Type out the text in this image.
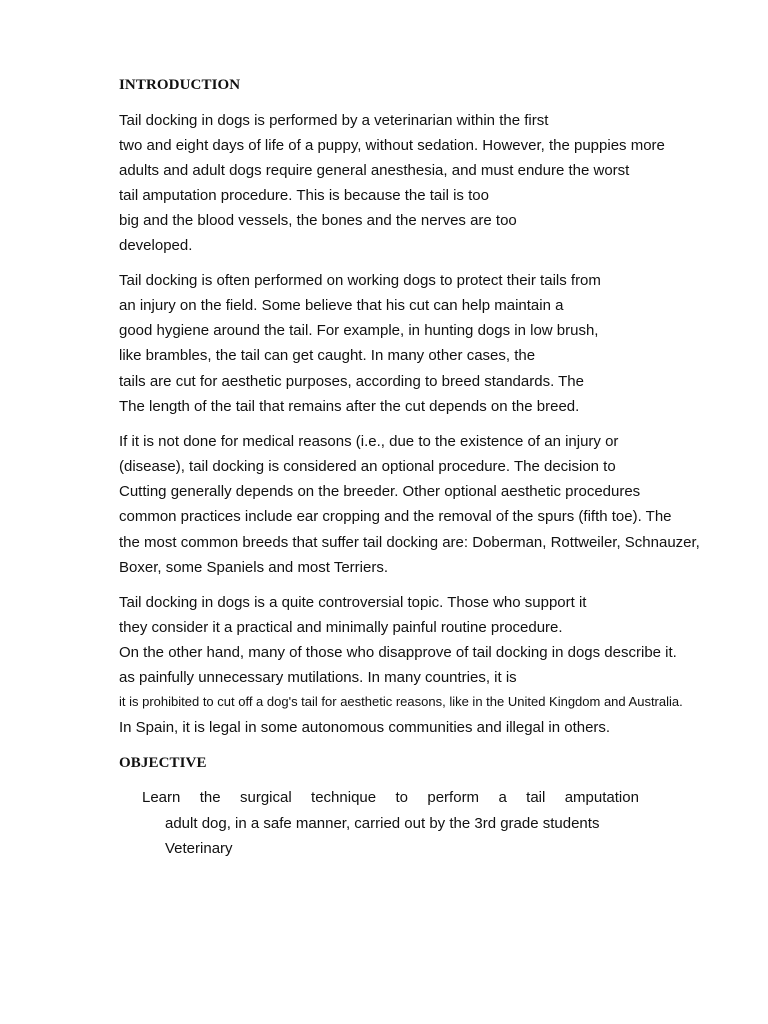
INTRODUCTION
Tail docking in dogs is performed by a veterinarian within the first
two and eight days of life of a puppy, without sedation. However, the puppies more
adults and adult dogs require general anesthesia, and must endure the worst
tail amputation procedure. This is because the tail is too
big and the blood vessels, the bones and the nerves are too
developed.
Tail docking is often performed on working dogs to protect their tails from
an injury on the field. Some believe that his cut can help maintain a
good hygiene around the tail. For example, in hunting dogs in low brush,
like brambles, the tail can get caught. In many other cases, the
tails are cut for aesthetic purposes, according to breed standards. The
The length of the tail that remains after the cut depends on the breed.
If it is not done for medical reasons (i.e., due to the existence of an injury or
(disease), tail docking is considered an optional procedure. The decision to
Cutting generally depends on the breeder. Other optional aesthetic procedures
common practices include ear cropping and the removal of the spurs (fifth toe). The
the most common breeds that suffer tail docking are: Doberman, Rottweiler, Schnauzer,
Boxer, some Spaniels and most Terriers.
Tail docking in dogs is a quite controversial topic. Those who support it
they consider it a practical and minimally painful routine procedure.
On the other hand, many of those who disapprove of tail docking in dogs describe it.
as painfully unnecessary mutilations. In many countries, it is
it is prohibited to cut off a dog's tail for aesthetic reasons, like in the United Kingdom and Australia.
In Spain, it is legal in some autonomous communities and illegal in others.
OBJECTIVE
Learn the surgical technique to perform a tail amputation
adult dog, in a safe manner, carried out by the 3rd grade students
Veterinary
